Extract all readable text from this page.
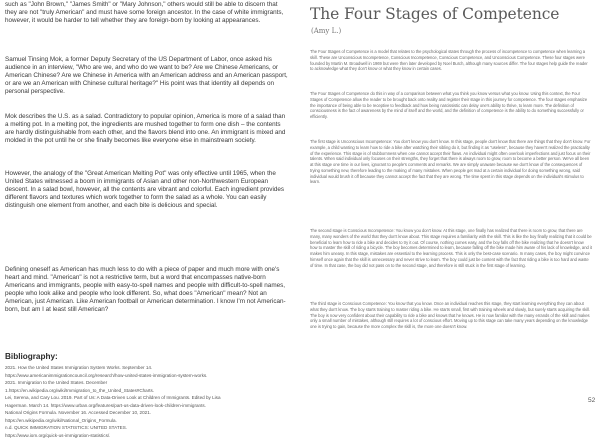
such as "John Brown," "James Smith" or "Mary Johnson," others would still be able to discern that they are not "truly American" and must have some foreign ancestor. In the case of white immigrants, however, it would be harder to tell whether they are foreign-born by looking at appearances.

Samuel Tinsing Mok, a former Deputy Secretary of the US Department of Labor, once asked his audience in an interview, "Who are we, and who do we want to be? Are we Chinese Americans, or American Chinese? Are we Chinese in America with an American address and an American passport, or are we an American with Chinese cultural heritage?" His point was that identity all depends on personal perspective.

Mok describes the U.S. as a salad. Contradictory to popular opinion, America is more of a salad than a melting pot. In a melting pot, the ingredients are mushed together to form one dish – the contents are hardly distinguishable from each other, and the flavors blend into one. An immigrant is mixed and molded in the pot until he or she finally becomes like everyone else in mainstream society.

However, the analogy of the "Great American Melting Pot" was only effective until 1965, when the United States witnessed a boom in immigrants of Asian and other non-Northwestern European descent. In a salad bowl, however, all the contents are vibrant and colorful. Each ingredient provides different flavors and textures which work together to form the salad as a whole. You can easily distinguish one element from another, and each bite is delicious and special.

Defining oneself as American has much less to do with a piece of paper and much more with one's heart and mind. "American" is not a restrictive term, but a word that encompasses native-born Americans and immigrants, people with easy-to-spell names and people with difficult-to-spell names, people who look alike and people who look different. So, what does "American" mean? Not an American, just American. Like American football or American determination. I know I'm not American-born, but am I at least still American?

Bibliography:
2021. How the United States Immigration System Works. September 14.
https://www.americanimmigrationcouncil.org/research/how-united-states-immigration-system-works.
2021. Immigration to the United States. December
1.https://en.wikipedia.org/wiki/Immigration_to_the_United_States#Charts.
Lei, Serena, and Cary Lou. 2019. Part of Us: A Data-Driven Look at Children of Immigrants. Edited by Lisa
Hagerman. March 14. https://www.urban.org/features/part-us-data-driven-look-children-immigrants.
National Origins Formula. November 16. Accessed December 10, 2021.
https://en.wikipedia.org/wiki/National_Origins_Formula.
n.d. QUICK IMMIGRATION STATISTICS: UNITED STATES.
https://www.iom.org/quick-us-immigration-statistics/.
The Four Stages of Competence

(Amy L.)

The Four Stages of Competence is a model that relates to the psychological states through the process of incompetence to competence when learning a skill. These are Unconscious Incompetence, Conscious Incompetence, Conscious Competence, and Unconscious Competence. These four stages were founded by Martin M. Broadwell in 1969 but were then later developed by Noel Burch, although many sources differ. The four stages help guide the reader to acknowledge what they don't know or what they know in certain cases.

The Four Stages of Competence do this in way of a comparison between what you think you know versus what you know. Using this context, the Four Stages of Competence allow the reader to be brought back onto reality and register their stage in this journey for competence. The four stages emphasize the importance of being able to be receptive to feedback and how being narcissistic can delay one's ability to thrive, to learn more. The definition of consciousness is the fact of awareness by the mind of itself and the world, and the definition of competence is the ability to do something successfully or efficiently.

The first stage is Unconscious Incompetence: You don't know you don't know. In this stage, people don't know that there are things that they don't know. For example, a child wanting to learn how to ride a bike after watching their sibling do it, but finding it as "useless", because they haven't realized the practicality of the experience. This stage is of stubbornness when one cannot accept their flaws. An individual might often overlook imperfections and just focus on their talents. When said individual only focuses on their strengths, they forget that there is always room to grow, room to become a better person. We've all been at this stage one time in our lives, ignorant to people's comments and remarks. We are simply unaware because we don't know of the consequences of trying something new, therefore leading to the making of many mistakes. When people get mad at a certain individual for doing something wrong, said individual would brush it off because they cannot accept the fact that they are wrong. The time spent in this stage depends on the individual's stimulus to learn.

The second stage is Conscious Incompetence: You know you don't know. At this stage, one finally has realized that there is room to grow, that there are many, many wonders of the world that they don't know about. This stage requires a familiarity with the skill. This is like the boy finally realizing that it could be beneficial to learn how to ride a bike and decides to try it out. Of course, nothing comes easy, and the boy falls off the bike realizing that he doesn't know how to master the skill of riding a bicycle. The boy becomes determined to learn, because falling off the bike made him aware of his lack of knowledge, and it makes him uneasy. In this stage, mistakes are essential to the learning process. This is only the best-case scenario. In many cases, the boy might convince himself once again that the skill is unnecessary and never strive to learn. The boy could just be content with the fact that riding a bike is too hard and waste of time. In that case, the boy did not pass on to the second stage, and therefore is still stuck in the first stage of learning.

The third stage is Conscious Competence: You know that you know. Once an individual reaches this stage, they start learning everything they can about what they don't know. The boy starts training to master riding a bike. He starts small, first with training wheels and slowly, but surely starts acquiring the skill. The boy is now very confident about their capability to ride a bike and knows that he knows. He is now familiar with the many errands of the skill and makes only a small number of mistakes, although still requires a lot of conscious effort. Moving up to this stage can take many years depending on the knowledge one is trying to gain, because the more complex the skill is, the more one doesn't know.

52
